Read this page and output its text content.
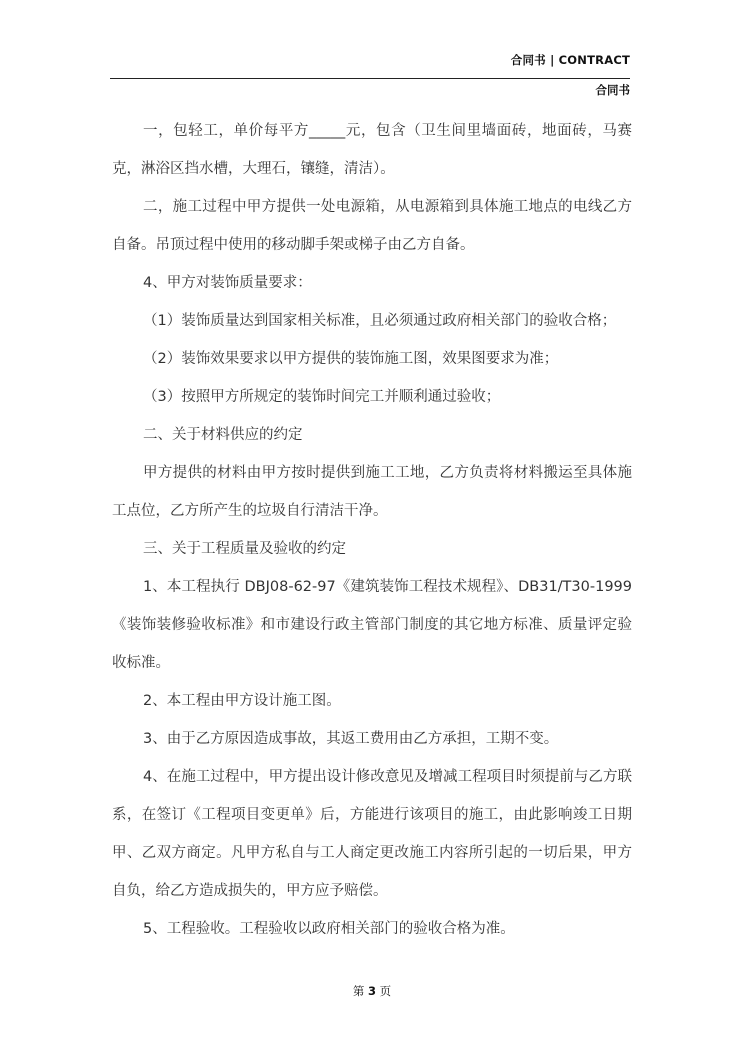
合同书 | CONTRACT
合同书

一，包轻工，单价每平方_____元，包含（卫生间里墙面砖，地面砖，马赛克，淋浴区挡水槽，大理石，镶缝，清洁）。

二，施工过程中甲方提供一处电源箱，从电源箱到具体施工地点的电线乙方自备。吊顶过程中使用的移动脚手架或梯子由乙方自备。

4、甲方对装饰质量要求：

（1）装饰质量达到国家相关标准，且必须通过政府相关部门的验收合格；

（2）装饰效果要求以甲方提供的装饰施工图，效果图要求为准；

（3）按照甲方所规定的装饰时间完工并顺利通过验收；

二、关于材料供应的约定

甲方提供的材料由甲方按时提供到施工工地，乙方负责将材料搬运至具体施工点位，乙方所产生的垃圾自行清洁干净。

三、关于工程质量及验收的约定

1、本工程执行 DBJ08-62-97《建筑装饰工程技术规程》、DB31/T30-1999《装饰装修验收标准》和市建设行政主管部门制度的其它地方标准、质量评定验收标准。

2、本工程由甲方设计施工图。

3、由于乙方原因造成事故，其返工费用由乙方承担，工期不变。

4、在施工过程中，甲方提出设计修改意见及增减工程项目时须提前与乙方联系，在签订《工程项目变更单》后，方能进行该项目的施工，由此影响竣工日期甲、乙双方商定。凡甲方私自与工人商定更改施工内容所引起的一切后果，甲方自负，给乙方造成损失的，甲方应予赔偿。

5、工程验收。工程验收以政府相关部门的验收合格为准。

第 3 页
